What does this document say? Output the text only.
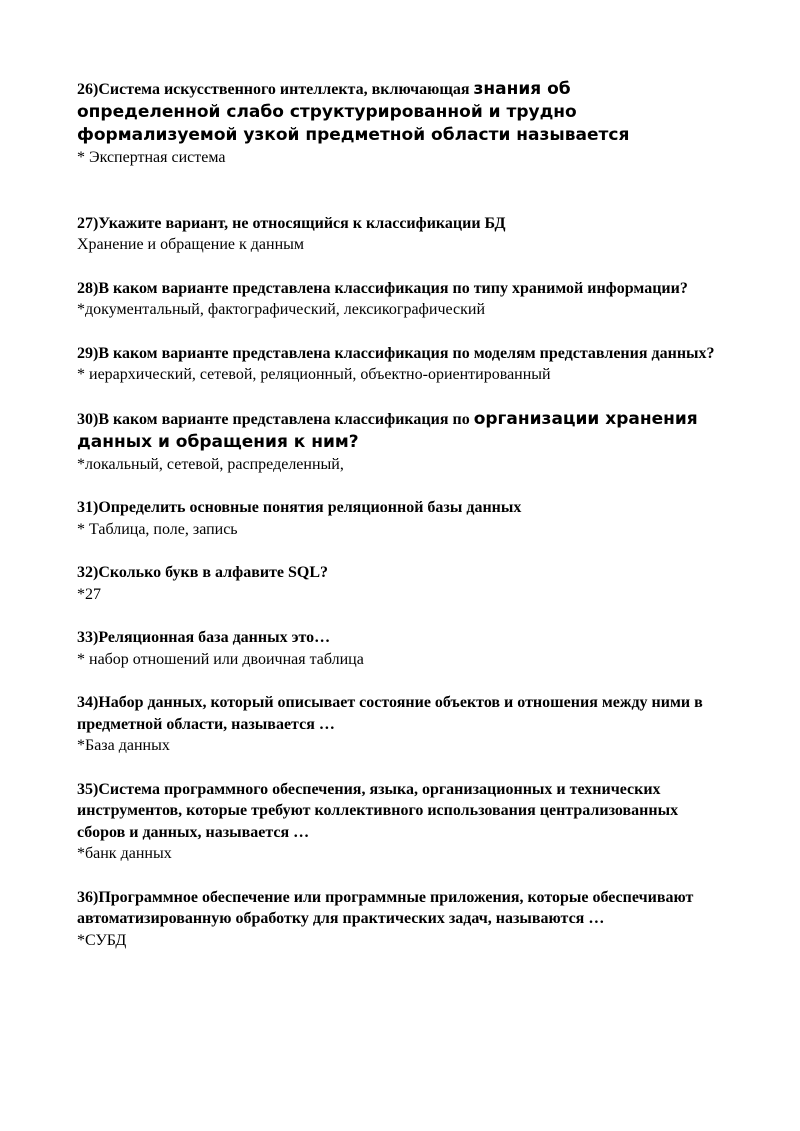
26)Система искусственного интеллекта, включающая знания об определенной слабо структурированной и трудно формализуемой узкой предметной области называется

* Экспертная система

27)Укажите вариант, не относящийся к классификации БД

Хранение и обращение к данным

28)В каком варианте представлена классификация по типу хранимой информации?

*документальный, фактографический, лексикографический

29)В каком варианте представлена классификация по моделям представления данных?

* иерархический, сетевой, реляционный, объектно-ориентированный

30)В каком варианте представлена классификация по организации хранения данных и обращения к ним?

*локальный, сетевой, распределенный,

31)Определить основные понятия реляционной базы данных

* Таблица, поле, запись

32)Сколько букв в алфавите SQL?

*27

33)Реляционная база данных это…

* набор отношений или двоичная таблица

34)Набор данных, который описывает состояние объектов и отношения между ними в предметной области, называется …

*База данных

35)Система программного обеспечения, языка, организационных и технических инструментов, которые требуют коллективного использования централизованных сборов и данных, называется …

*банк данных

36)Программное обеспечение или программные приложения, которые обеспечивают автоматизированную обработку для практических задач, называются …

*СУБД
